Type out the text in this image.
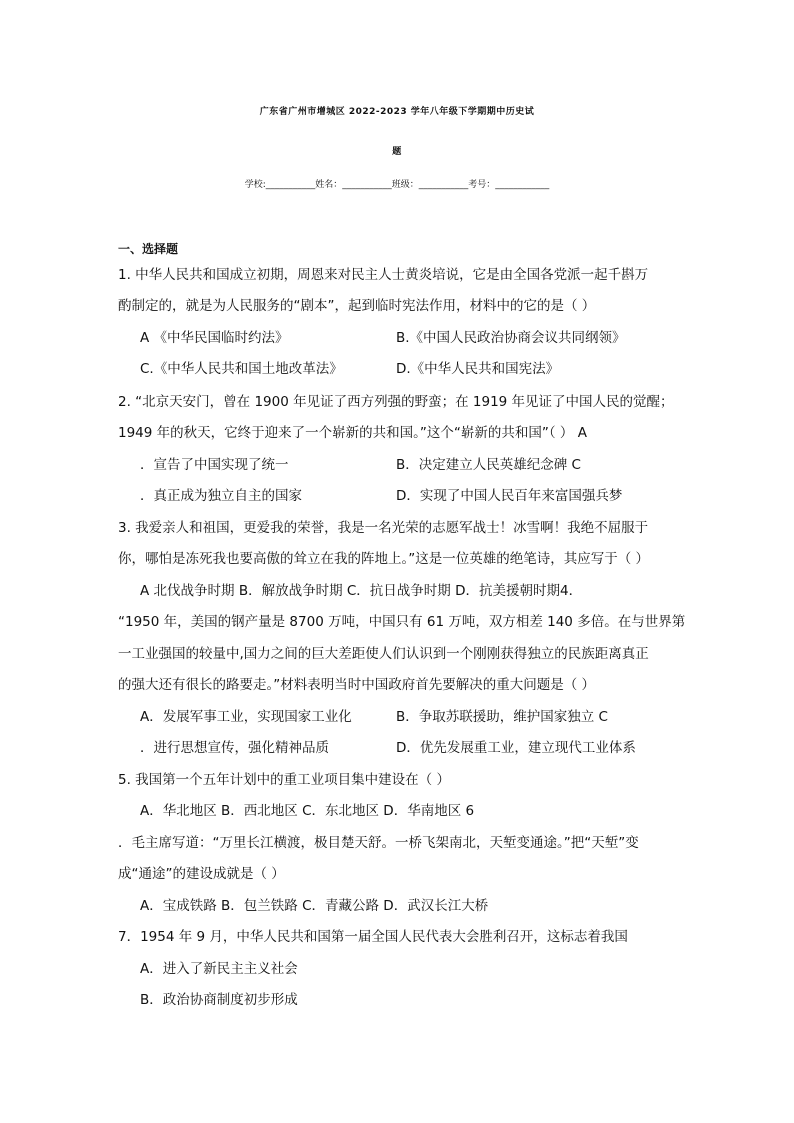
广东省广州市增城区 2022-2023 学年八年级下学期期中历史试
题
学校:___________姓名：___________班级：___________考号：____________
一、选择题
1. 中华人民共和国成立初期，周恩来对民主人士黄炎培说，它是由全国各党派一起千斟万
酌制定的，就是为人民服务的“剧本”，起到临时宪法作用，材料中的它的是（ ）
A 《中华民国临时约法》	B.《中国人民政治协商会议共同纲领》
C.《中华人民共和国土地改革法》	D.《中华人民共和国宪法》
2. “北京天安门，曾在 1900 年见证了西方列强的野蛮；在 1919 年见证了中国人民的觉醒；
1949 年的秋天，它终于迎来了一个崭新的共和国。”这个“崭新的共和国”（ ） A
．宣告了中国实现了统一	B．决定建立人民英雄纪念碑 C
．真正成为独立自主的国家	D．实现了中国人民百年来富国强兵梦
3. 我爱亲人和祖国，更爱我的荣誉，我是一名光荣的志愿军战士！冰雪啊！我绝不屈服于
你，哪怕是冻死我也要高傲的耸立在我的阵地上。”这是一位英雄的绝笔诗，其应写于（ ）
A 北伐战争时期 B．解放战争时期 C．抗日战争时期 D．抗美援朝时期4．
“1950 年，美国的钢产量是 8700 万吨，中国只有 61 万吨，双方相差 140 多倍。在与世界第
一工业强国的较量中,国力之间的巨大差距使人们认识到一个刚刚获得独立的民族距离真正
的强大还有很长的路要走。”材料表明当时中国政府首先要解决的重大问题是（ ）
A．发展军事工业，实现国家工业化	B．争取苏联援助，维护国家独立 C
．进行思想宣传，强化精神品质	D．优先发展重工业，建立现代工业体系
5. 我国第一个五年计划中的重工业项目集中建设在（ ）
A．华北地区 B．西北地区 C．东北地区 D．华南地区 6
．毛主席写道：“万里长江横渡，极目楚天舒。一桥飞架南北，天堑变通途。”把“天堑”变
成“通途”的建设成就是（ ）
A．宝成铁路 B．包兰铁路 C．青藏公路 D．武汉长江大桥
7．1954 年 9 月，中华人民共和国第一届全国人民代表大会胜利召开，这标志着我国
A．进入了新民主主义社会
B．政治协商制度初步形成
